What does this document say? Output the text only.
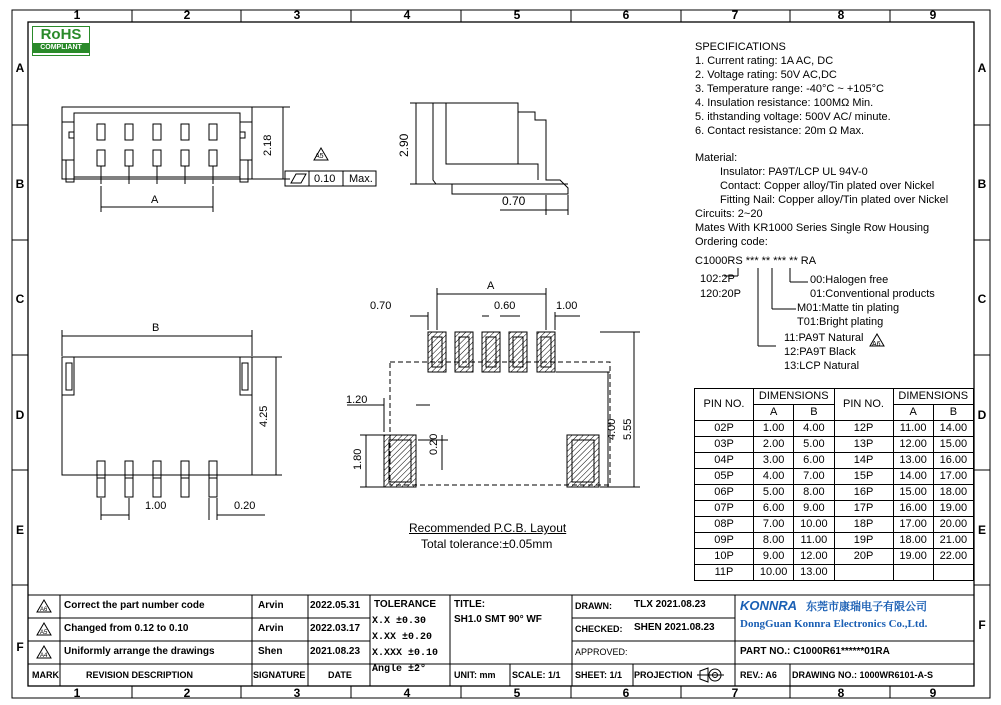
1	2	3	4	5	6	7	8	9
1	2	3	4	5	6	7	8	9
A
B
C
D
E
F
A
B
C
D
E
F
RoHS
COMPLIANT
A
2.18
0.10 Max.
A5	2.90
0.70
B
4.25
1.00	0.20
A
0.70	0.60	1.00
1.20
1.80
0.20
4.00 5.55
Recommended P.C.B. Layout
Total tolerance:±0.05mm
SPECIFICATIONS
1. Current rating: 1A AC, DC
2. Voltage rating: 50V AC,DC
3. Temperature range: -40°C ~ +105°C
4. Insulation resistance: 100MΩ Min.
5. ithstanding voltage: 500V AC/ minute.
6. Contact resistance: 20m Ω Max.
Material:
Insulator: PA9T/LCP UL 94V-0
Contact: Copper alloy/Tin plated over Nickel
Fitting Nail: Copper alloy/Tin plated over Nickel
Circuits: 2~20
Mates With KR1000 Series Single Row Housing
Ordering code:
C1000RS *** ** *** ** RA
102:2P
120:20P
00:Halogen free
01:Conventional products
M01:Matte tin plating
T01:Bright plating
11:PA9T Natural
12:PA9T Black
13:LCP Natural
A6
PIN NO.	DIMENSIONS		PIN NO.	DIMENSIONS	
	A	B		A	B
02P	1.00	4.00	12P	11.00	14.00
03P	2.00	5.00	13P	12.00	15.00
04P	3.00	6.00	14P	13.00	16.00
05P	4.00	7.00	15P	14.00	17.00
06P	5.00	8.00	16P	15.00	18.00
07P	6.00	9.00	17P	16.00	19.00
08P	7.00	10.00	18P	17.00	20.00
09P	8.00	11.00	19P	18.00	21.00
10P	9.00	12.00	20P	19.00	22.00
11P	10.00	13.00			
Correct the part number code	Arvin	2022.05.31
Changed from 0.12 to 0.10	Arvin	2022.03.17
Uniformly arrange the drawings	Shen	2021.08.23
A6
A5
A4
MARK	REVISION DESCRIPTION	SIGNATURE	DATE
TOLERANCE
X.X ±0.30
X.XX ±0.20
X.XXX ±0.10
Angle ±2°
TITLE:
SH1.0 SMT 90° WF
UNIT: mm SCALE: 1/1
DRAWN: TLX 2021.08.23
CHECKED: SHEN 2021.08.23
APPROVED:
SHEET: 1/1 PROJECTION
KONNRA 东莞市康瑞电子有限公司
DongGuan Konnra Electronics Co.,Ltd.
PART NO.: C1000R61******01RA
REV.: A6 DRAWING NO.: 1000WR6101-A-S
